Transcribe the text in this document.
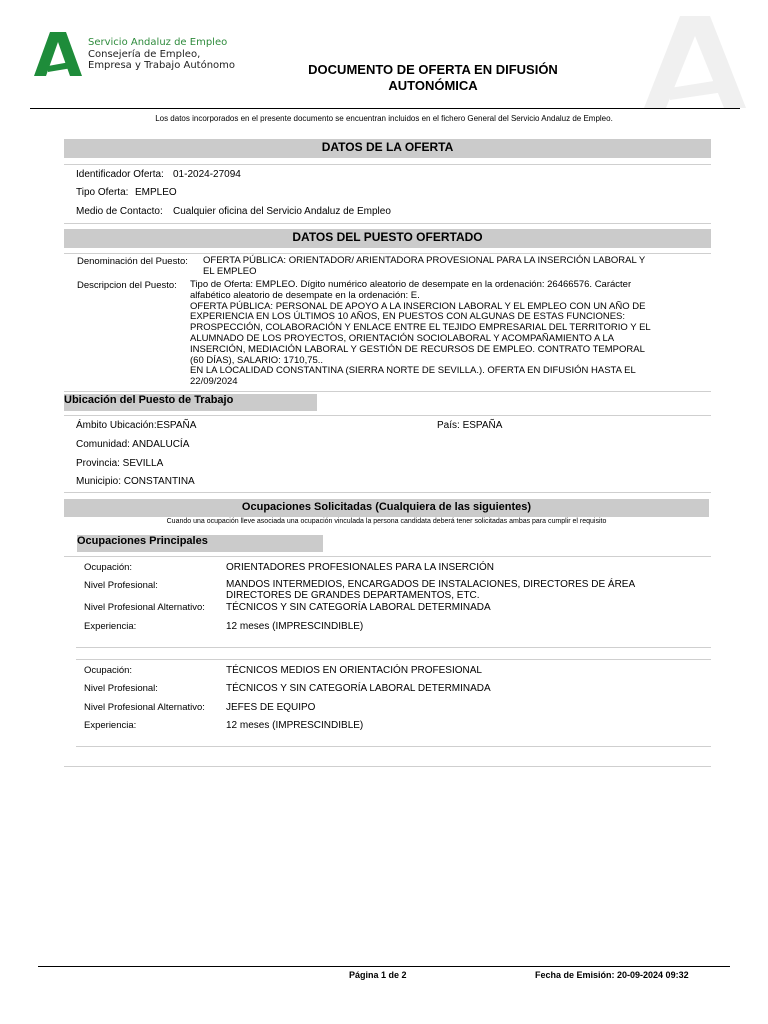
Servicio Andaluz de Empleo
Consejería de Empleo,
Empresa y Trabajo Autónomo	DOCUMENTO DE OFERTA EN DIFUSIÓN
AUTONÓMICA
Los datos incorporados en el presente documento se encuentran incluidos en el fichero General del Servicio Andaluz de Empleo.
DATOS DE LA OFERTA
Identificador Oferta: 01-2024-27094
Tipo Oferta: EMPLEO
Medio de Contacto: Cualquier oficina del Servicio Andaluz de Empleo
DATOS DEL PUESTO OFERTADO
Denominación del Puesto: OFERTA PÚBLICA: ORIENTADOR/ ARIENTADORA PROVESIONAL PARA LA INSERCIÓN LABORAL Y
EL EMPLEO
Descripcion del Puesto: Tipo de Oferta: EMPLEO. Dígito numérico aleatorio de desempate en la ordenación: 26466576. Carácter
alfabético aleatorio de desempate en la ordenación: E.
OFERTA PÚBLICA: PERSONAL DE APOYO A LA INSERCION LABORAL Y EL EMPLEO CON UN AÑO DE
EXPERIENCIA EN LOS ÚLTIMOS 10 AÑOS, EN PUESTOS CON ALGUNAS DE ESTAS FUNCIONES:
PROSPECCIÓN, COLABORACIÓN Y ENLACE ENTRE EL TEJIDO EMPRESARIAL DEL TERRITORIO Y EL
ALUMNADO DE LOS PROYECTOS, ORIENTACIÓN SOCIOLABORAL Y ACOMPAÑAMIENTO A LA
INSERCIÓN, MEDIACIÓN LABORAL Y GESTIÓN DE RECURSOS DE EMPLEO. CONTRATO TEMPORAL
(60 DÍAS), SALARIO: 1710,75..
EN LA LOCALIDAD CONSTANTINA (SIERRA NORTE DE SEVILLA.). OFERTA EN DIFUSIÓN HASTA EL
22/09/2024
Ubicación del Puesto de Trabajo
Ámbito Ubicación:ESPAÑA	País: ESPAÑA
Comunidad: ANDALUCÍA
Provincia: SEVILLA
Municipio: CONSTANTINA
Ocupaciones Solicitadas (Cualquiera de las siguientes)
Cuando una ocupación lleve asociada una ocupación vinculada la persona candidata deberá tener solicitadas ambas para cumplir el requisito
Ocupaciones Principales
Ocupación:	ORIENTADORES PROFESIONALES PARA LA INSERCIÓN
Nivel Profesional:	MANDOS INTERMEDIOS, ENCARGADOS DE INSTALACIONES, DIRECTORES DE ÁREA
DIRECTORES DE GRANDES DEPARTAMENTOS, ETC.
Nivel Profesional Alternativo: TÉCNICOS Y SIN CATEGORÍA LABORAL DETERMINADA
Experiencia:	12 meses (IMPRESCINDIBLE)
Ocupación:	TÉCNICOS MEDIOS EN ORIENTACIÓN PROFESIONAL
Nivel Profesional:	TÉCNICOS Y SIN CATEGORÍA LABORAL DETERMINADA
Nivel Profesional Alternativo: JEFES DE EQUIPO
Experiencia:	12 meses (IMPRESCINDIBLE)
Página 1 de 2	Fecha de Emisión: 20-09-2024 09:32
